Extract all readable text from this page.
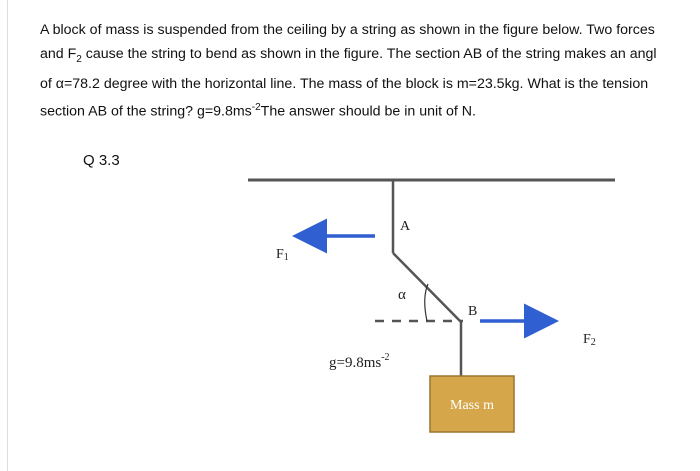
A block of mass is suspended from the ceiling by a string as shown in the figure below. Two forces
and $F_2$ cause the string to bend as shown in the figure. The section AB of the string makes an angl
of α=78.2 degree with the horizontal line. The mass of the block is m=23.5kg. What is the tension
section AB of the string? $g=9.8ms^{-2}The$ answer should be in unit of N.
Q 3.3
A
B
α
F1
F2
$g=9.8ms^{-2}$
Mass m
